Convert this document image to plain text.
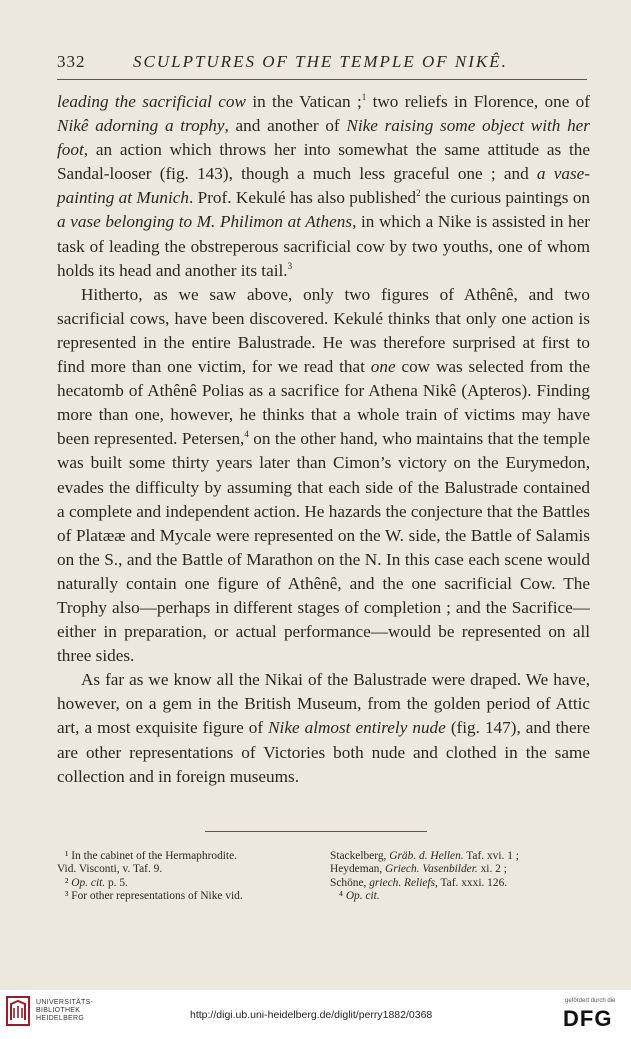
332	SCULPTURES OF THE TEMPLE OF NIKÊ.

leading the sacrificial cow in the Vatican ;$^1$ two reliefs in Florence, one of Nikê adorning a trophy, and another of Nike raising some object with her foot, an action which throws her into somewhat the same attitude as the Sandal-looser (fig. 143), though a much less graceful one ; and a vase-painting at Munich. Prof. Kekulé has also published$^2$ the curious paintings on a vase belonging to M. Philimon at Athens, in which a Nike is assisted in her task of leading the obstreperous sacrificial cow by two youths, one of whom holds its head and another its tail.$^3$

Hitherto, as we saw above, only two figures of Athênê, and two sacrificial cows, have been discovered. Kekulé thinks that only one action is represented in the entire Balustrade. He was therefore surprised at first to find more than one victim, for we read that one cow was selected from the hecatomb of Athênê Polias as a sacrifice for Athena Nikê (Apteros). Finding more than one, however, he thinks that a whole train of victims may have been represented. Petersen,$^4$ on the other hand, who maintains that the temple was built some thirty years later than Cimon’s victory on the Eurymedon, evades the difficulty by assuming that each side of the Balustrade contained a complete and independent action. He hazards the conjecture that the Battles of Platææ and Mycale were represented on the W. side, the Battle of Salamis on the S., and the Battle of Marathon on the N. In this case each scene would naturally contain one figure of Athênê, and the one sacrificial Cow. The Trophy also—perhaps in different stages of completion ; and the Sacrifice—either in preparation, or actual performance—would be represented on all three sides.

As far as we know all the Nikai of the Balustrade were draped. We have, however, on a gem in the British Museum, from the golden period of Attic art, a most exquisite figure of Nike almost entirely nude (fig. 147), and there are other representations of Victories both nude and clothed in the same collection and in foreign museums.

¹ In the cabinet of the Hermaphrodite.
Vid. Visconti, v. Taf. 9.
² Op. cit. p. 5.
³ For other representations of Nike vid.
Stackelberg, Gräb. d. Hellen. Taf. xvi. 1 ;
Heydeman, Griech. Vasenbilder. xi. 2 ;
Schöne, griech. Reliefs, Taf. xxxi. 126.
⁴ Op. cit.
UNIVERSITÄTS-
BIBLIOTHEK
HEIDELBERG	http://digi.ub.uni-heidelberg.de/diglit/perry1882/0368
gefördert durch die
DFG
